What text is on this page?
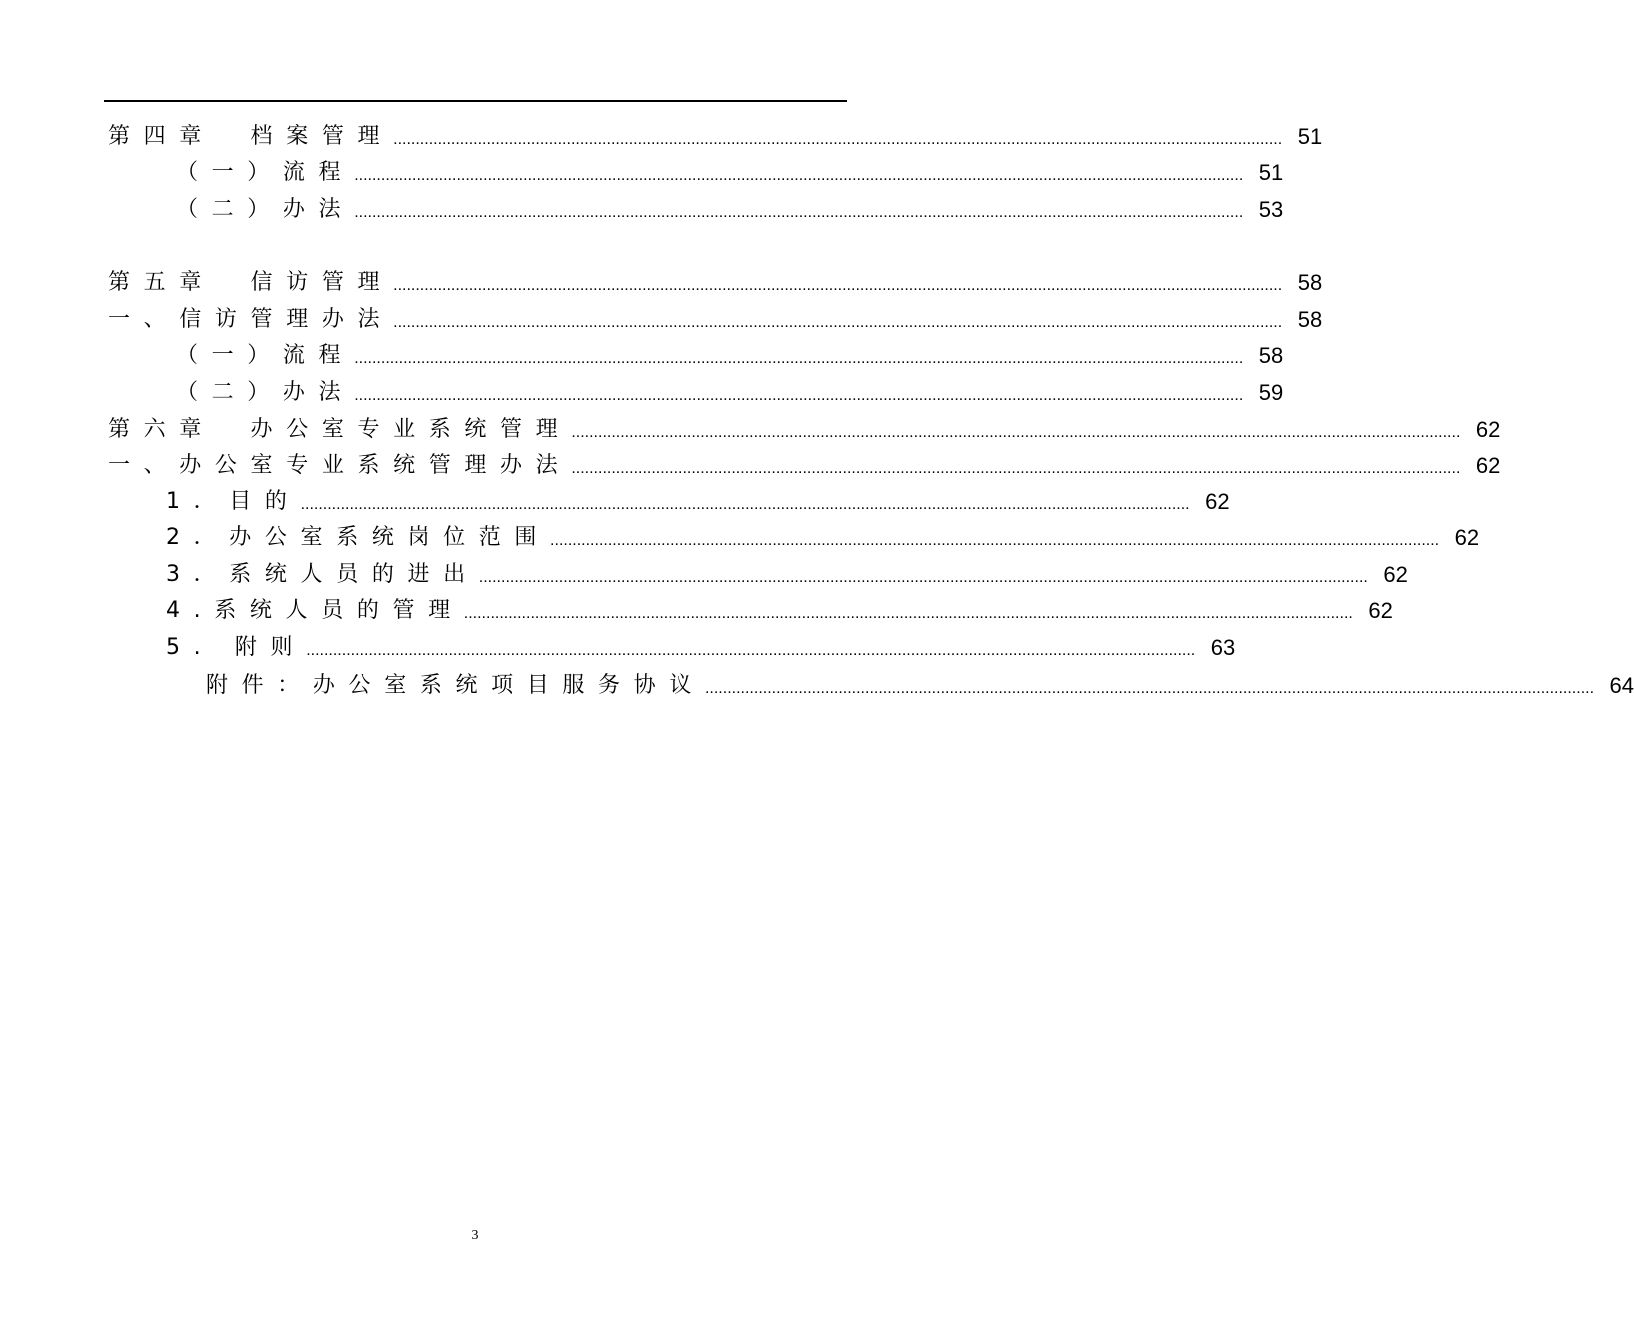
第四章　档案管理 ........................................................................................................................................................................................................ 51
（一）流程 ........................................................................................................................................................................................................ 51
（二）办法 ........................................................................................................................................................................................................ 53
第五章　信访管理 ........................................................................................................................................................................................................ 58
一、信访管理办法 ........................................................................................................................................................................................................ 58
（一）流程 ........................................................................................................................................................................................................ 58
（二）办法 ........................................................................................................................................................................................................ 59
第六章　办公室专业系统管理 ........................................................................................................................................................................................................ 62
一、办公室专业系统管理办法 ........................................................................................................................................................................................................ 62
1．目的 ........................................................................................................................................................................................................ 62
2．办公室系统岗位范围 ........................................................................................................................................................................................................ 62
3．系统人员的进出 ........................................................................................................................................................................................................ 62
4.系统人员的管理 ........................................................................................................................................................................................................ 62
5. 附则 ........................................................................................................................................................................................................ 63
附件：办公室系统项目服务协议 ........................................................................................................................................................................................................ 64
3
